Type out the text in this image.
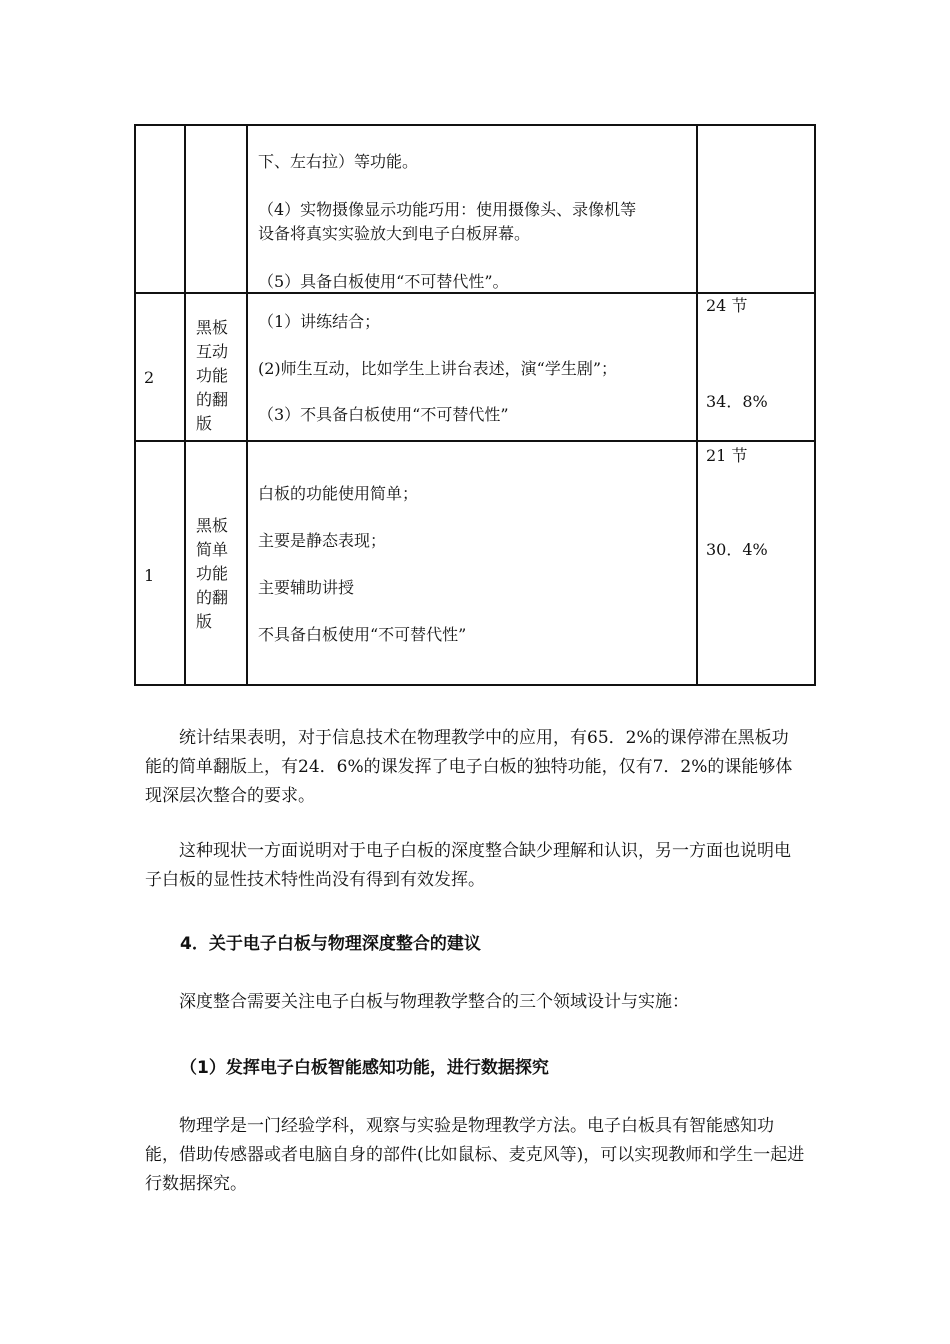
		下、左右拉）等功能。
（4）实物摄像显示功能巧用：使用摄像头、录像机等
设备将真实实验放大到电子白板屏幕。
（5）具备白板使用“不可替代性”。	

2	黑板互动功能的翻版	（1）讲练结合；
(2)师生互动，比如学生上讲台表述，演“学生剧”；
（3）不具备白板使用“不可替代性”	24 节
34．8%

1	黑板简单功能的翻版	白板的功能使用简单；
主要是静态表现；
主要辅助讲授
不具备白板使用“不可替代性”	21 节
30．4%

统计结果表明，对于信息技术在物理教学中的应用，有65．2%的课停滞在黑板功能的简单翻版上，有24．6%的课发挥了电子白板的独特功能，仅有7．2%的课能够体现深层次整合的要求。

这种现状一方面说明对于电子白板的深度整合缺少理解和认识，另一方面也说明电子白板的显性技术特性尚没有得到有效发挥。

4．关于电子白板与物理深度整合的建议

深度整合需要关注电子白板与物理教学整合的三个领域设计与实施：

（1）发挥电子白板智能感知功能，进行数据探究

物理学是一门经验学科，观察与实验是物理教学方法。电子白板具有智能感知功能，借助传感器或者电脑自身的部件(比如鼠标、麦克风等)，可以实现教师和学生一起进行数据探究。
